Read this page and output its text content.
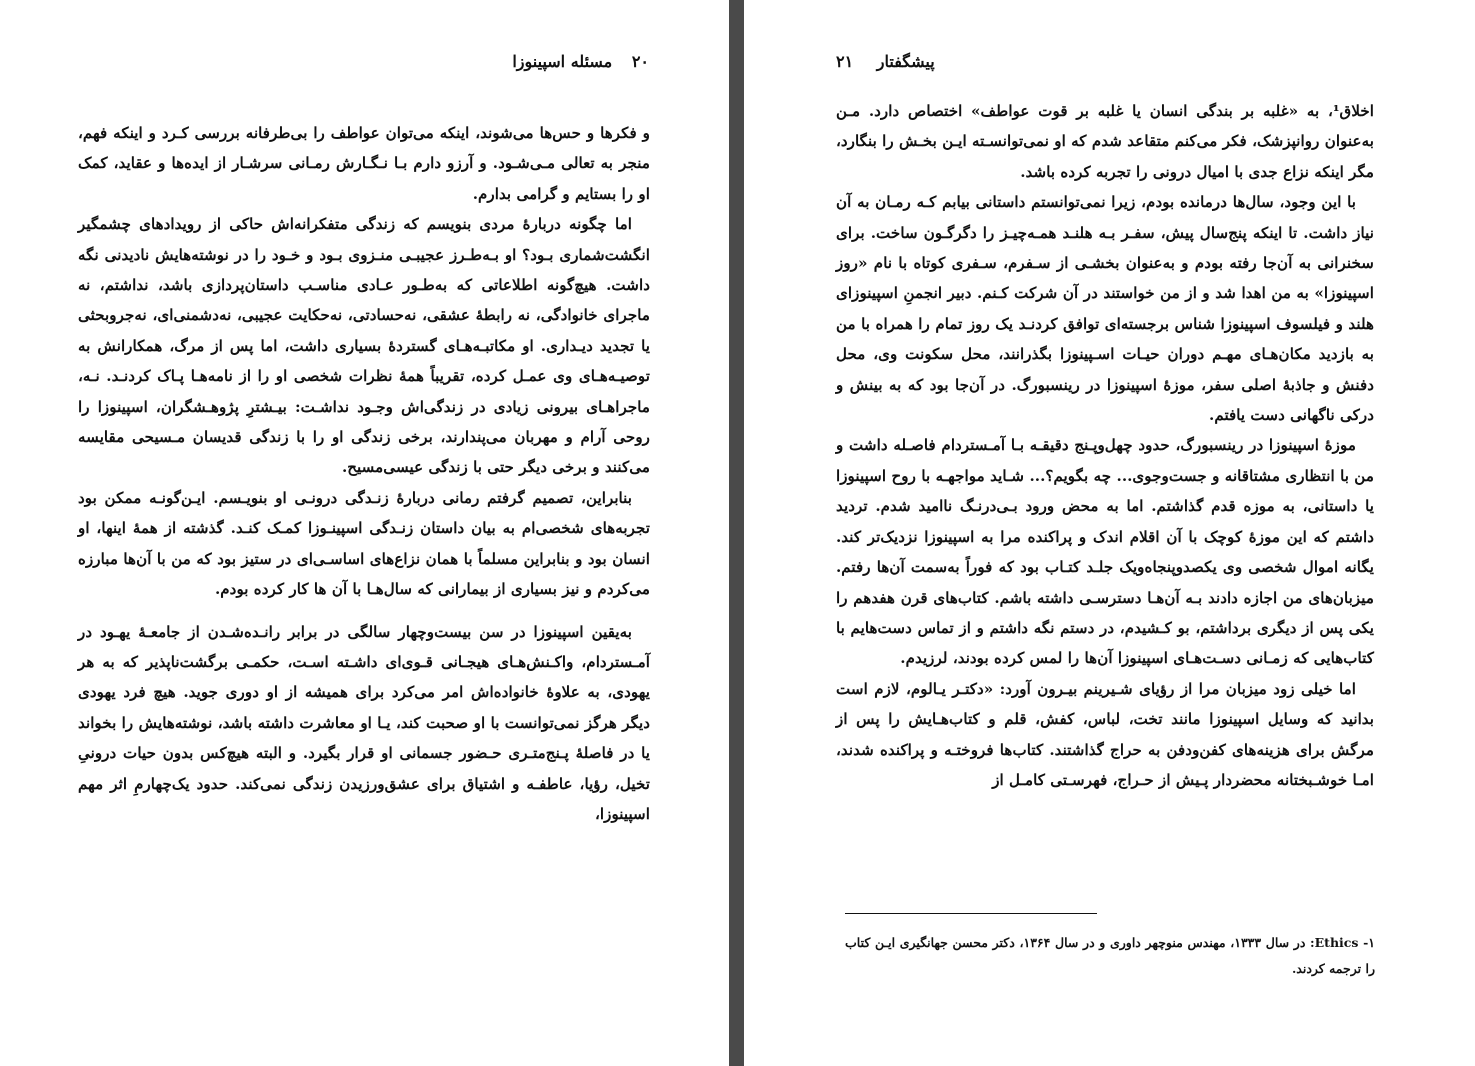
۲۰ مسئله اسپینوزا

و فکرها و حس‌ها می‌شوند، اینکه می‌توان عواطف را بی‌طرفانه بررسی کـرد و اینکه فهم، منجر به تعالی مـی‌شـود. و آرزو دارم بـا نـگـارش رمـانی سرشـار از ایده‌ها و عقاید، کمک او را بستایم و گرامی بدارم.

اما چگونه دربارهٔ مردی بنویسم که زندگی متفکرانه‌اش حاکی از رویدادهای چشمگیر انگشت‌شماری بـود؟ او بـه‌طـرز عجیبـی منـزوی بـود و خـود را در نوشته‌هایش نادیدنی نگه داشت. هیچ‌گونه اطلاعاتی که به‌طـور عـادی مناسـب داستان‌پردازی باشد، نداشتم، نه ماجرای خانوادگی، نه رابطهٔ عشقی، نه‌حسادتی، نه‌حکایت عجیبی، نه‌دشمنی‌ای، نه‌جروبحثی یا تجدید دیـداری. او مکاتبـه‌هـای گستردهٔ بسیاری داشت، اما پس از مرگ، همکارانش به توصیـه‌هـای وی عمـل کرده، تقریباً همهٔ نظرات شخصی او را از نامه‌هـا پـاک کردنـد. نـه، ماجراهـای بیرونی زیادی در زندگی‌اش وجـود نداشـت: بیـشترِ پژوهـشگران، اسپینوزا را روحی آرام و مهربان می‌پندارند، برخی زندگی او را با زندگی قدیسان مـسیحی مقایسه می‌کنند و برخی دیگر حتی با زندگی عیسی‌مسیح.

بنابراین، تصمیم گرفتم رمانی دربارهٔ زنـدگی درونـی او بنویـسم. ایـن‌گونـه ممکن بود تجربه‌های شخصی‌ام به بیان داستان زنـدگی اسپینـوزا کمـک کنـد. گذشته از همهٔ اینها، او انسان بود و بنابراین مسلماً با همان نزاع‌های اساسـی‌ای در ستیز بود که من با آن‌ها مبارزه می‌کردم و نیز بسیاری از بیمارانی که سال‌هـا با آن ها کار کرده بودم.

به‌یقین اسپینوزا در سن بیست‌وچهار سالگی در برابر رانـده‌شـدن از جامعـهٔ یهـود در آمـستردام، واکـنش‌هـای هیجـانی قـوی‌ای داشـته اسـت، حکمـی برگشت‌ناپذیر که به هر یهودی، به علاوهٔ خانواده‌اش امر می‌کرد برای همیشه از او دوری جوید. هیچ فرد یهودی دیگر هرگز نمی‌توانست با او صحبت کند، یـا او معاشرت داشته باشد، نوشته‌هایش را بخواند یا در فاصلهٔ پـنج‌متـری حـضور جسمانی او قرار بگیرد. و البته هیچ‌کس بدون حیات درونیِ تخیل، رؤیا، عاطفـه و اشتیاق برای عشق‌ورزیدن زندگی نمی‌کند. حدود یک‌چهارمِ اثر مهم اسپینوزا،

پیشگفتار ۲۱

اخلاق¹، به «غلبه بر بندگی انسان یا غلبه بر قوت عواطف» اختصاص دارد. مـن به‌عنوان روانپزشک، فکر می‌کنم متقاعد شدم که او نمی‌توانسـته ایـن بخـش را بنگارد، مگر اینکه نزاع جدی با امیال درونی را تجربه کرده باشد.

با این وجود، سال‌ها درمانده بودم، زیرا نمی‌توانستم داستانی بیابم کـه رمـان به آن نیاز داشت. تا اینکه پنج‌سال پیش، سفـر بـه هلنـد همـه‌چیـز را دگرگـون ساخت. برای سخنرانی به آن‌جا رفته بودم و به‌عنوان بخشـی از سـفرم، سـفری کوتاه با نام «روز اسپینوزا» به من اهدا شد و از من خواستند در آن شرکت کـنم. دبیر انجمنِ اسپینوزای هلند و فیلسوف اسپینوزا شناس برجسته‌ای توافق کردنـد یک روز تمام را همراه با من به بازدید مکان‌هـای مهـم دوران حیـات اسـپینوزا بگذرانند، محل سکونت وی، محل دفنش و جاذبهٔ اصلی سفر، موزهٔ اسپینوزا در رینسبورگ. در آن‌جا بود که به بینش و درکی ناگهانی دست یافتم.

موزهٔ اسپینوزا در رینسبورگ، حدود چهل‌وپـنج دقیقـه بـا آمـستردام فاصـله داشت و من با انتظاری مشتاقانه و جست‌وجوی... چه بگویم؟... شـاید مواجهـه با روح اسپینوزا یا داستانی، به موزه قدم گذاشتم. اما به محض ورود بـی‌درنـگ ناامید شدم. تردید داشتم که این موزهٔ کوچک با آن اقلام اندک و پراکنده مرا به اسپینوزا نزدیک‌تر کند. یگانه اموال شخصی وی یکصدوپنجاه‌ویک جلـد کتـاب بود که فوراً به‌سمت آن‌ها رفتم. میزبان‌های من اجازه دادند بـه آن‌هـا دسترسـی داشته باشم. کتاب‌های قرن هفدهم را یکی پس از دیگری برداشتم، بو کـشیدم، در دستم نگه داشتم و از تماس دست‌هایم با کتاب‌هایی که زمـانی دسـت‌هـای اسپینوزا آن‌ها را لمس کرده بودند، لرزیدم.

اما خیلی زود میزبان مرا از رؤیای شـیرینم بیـرون آورد: «دکتـر یـالوم، لازم است بدانید که وسایل اسپینوزا مانند تخت، لباس، کفش، قلم و کتاب‌هـایش را پس از مرگش برای هزینه‌های کفن‌ودفن به حراج گذاشتند. کتاب‌ها فروختـه و پراکنده شدند، امـا خوشـبختانه محضردار پـیش از حـراج، فهرسـتی کامـل از

Ethics -۱: در سال ۱۳۳۳، مهندس منوچهر داوری و در سال ۱۳۶۴، دکتر محسن جهانگیری ایـن کتاب را ترجمه کردند.
